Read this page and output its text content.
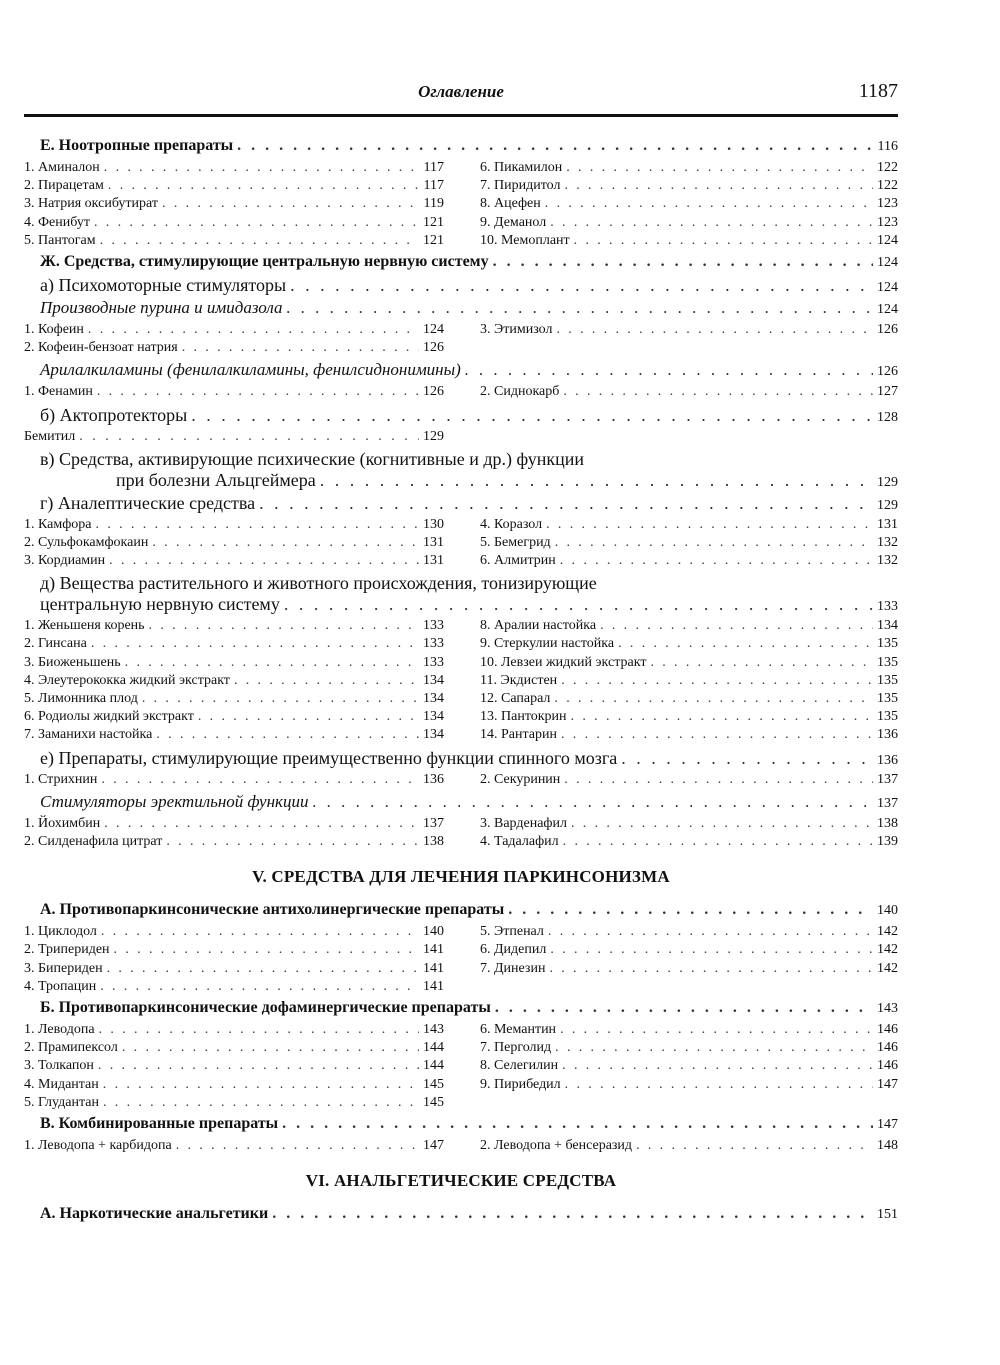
Оглавление	1187
Е. Ноотропные препараты . . .	116
1. Аминалон . . .	117
2. Пирацетам . . .	117
3. Натрия оксибутират . . .	119
4. Фенибут . . .	121
5. Пантогам . . .	121
6. Пикамилон . . .	122
7. Пиридитол . . .	122
8. Ацефен . . .	123
9. Деманол . . .	123
10. Мемоплант . . .	124
Ж. Средства, стимулирующие центральную нервную систему . . .	124
а) Психомоторные стимуляторы . . .	124
Производные пурина и имидазола . . .	124
1. Кофеин . . .	124
2. Кофеин-бензоат натрия . . .	126
3. Этимизол . . .	126
Арилалкиламины (фенилалкиламины, фенилсиднонимины) . . .	126
1. Фенамин . . .	126	2. Сиднокарб . . .	127
б) Актопротекторы . . .	128
Бемитил . . .	129
в) Средства, активирующие психические (когнитивные и др.) функции
при болезни Альцгеймера . . .	129
г) Аналептические средства . . .	129
1. Камфора . . .	130
2. Сульфокамфокаин . . .	131
3. Кордиамин . . .	131
4. Коразол . . .	131
5. Бемегрид . . .	132
6. Алмитрин . . .	132
д) Вещества растительного и животного происхождения, тонизирующие
центральную нервную систему . . .	133
1. Женьшеня корень . . .	133
2. Гинсана . . .	133
3. Биоженьшень . . .	133
4. Элеутерококка жидкий экстракт . . .	134
5. Лимонника плод . . .	134
6. Родиолы жидкий экстракт . . .	134
7. Заманихи настойка . . .	134
8. Аралии настойка . . .	134
9. Стеркулии настойка . . .	135
10. Левзеи жидкий экстракт . . .	135
11. Экдистен . . .	135
12. Сапарал . . .	135
13. Пантокрин . . .	135
14. Рантарин . . .	136
е) Препараты, стимулирующие преимущественно функции спинного мозга . . .	136
1. Стрихнин . . .	136	2. Секуринин . . .	137
Стимуляторы эректильной функции . . .	137
1. Йохимбин . . .	137
2. Силденафила цитрат . . .	138
3. Варденафил . . .	138
4. Тадалафил . . .	139
V. СРЕДСТВА ДЛЯ ЛЕЧЕНИЯ ПАРКИНСОНИЗМА
А. Противопаркинсонические антихолинергические препараты . . .	140
1. Циклодол . . .	140
2. Трипериден . . .	141
3. Бипериден . . .	141
4. Тропацин . . .	141
5. Этпенал . . .	142
6. Дидепил . . .	142
7. Динезин . . .	142
Б. Противопаркинсонические дофаминергические препараты . . .	143
1. Леводопа . . .	143
2. Прамипексол . . .	144
3. Толкапон . . .	144
4. Мидантан . . .	145
5. Глудантан . . .	145
6. Мемантин . . .	146
7. Перголид . . .	146
8. Селегилин . . .	146
9. Пирибедил . . .	147
В. Комбинированные препараты . . .	147
1. Леводопа + карбидопа . . .	147	2. Леводопа + бенсеразид . . .	148
VI. АНАЛЬГЕТИЧЕСКИЕ СРЕДСТВА
А. Наркотические анальгетики . . .	151
